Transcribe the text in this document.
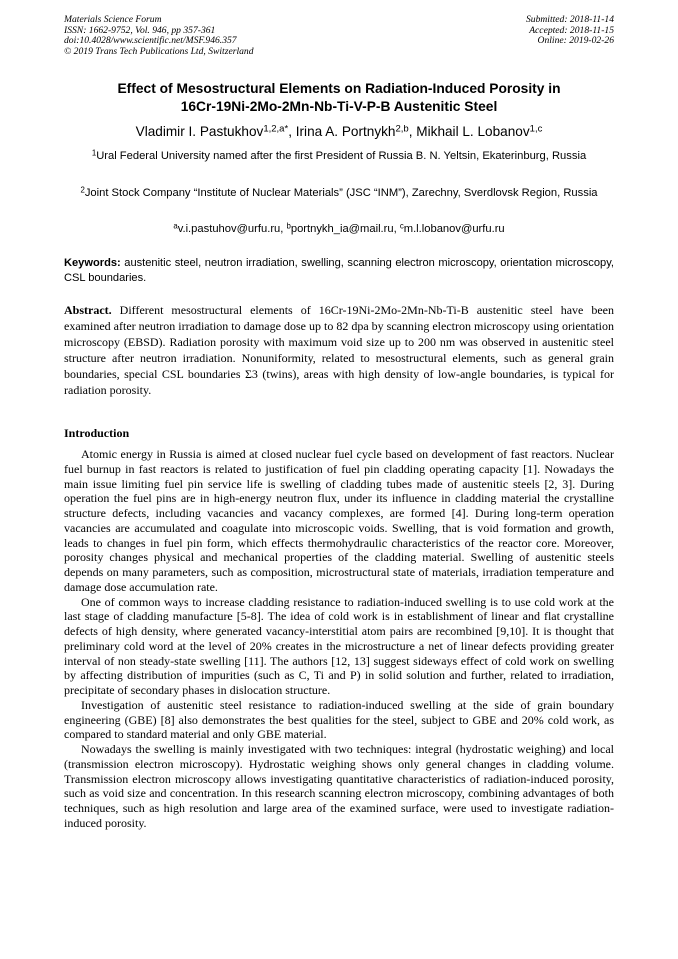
Materials Science Forum
ISSN: 1662-9752, Vol. 946, pp 357-361
doi:10.4028/www.scientific.net/MSF.946.357
© 2019 Trans Tech Publications Ltd, Switzerland
Submitted: 2018-11-14
Accepted: 2018-11-15
Online: 2019-02-26
Effect of Mesostructural Elements on Radiation-Induced Porosity in
16Cr-19Ni-2Mo-2Mn-Nb-Ti-V-P-B Austenitic Steel
Vladimir I. Pastukhov$^{1,2,a*}$, Irina A. Portnykh$^{2,b}$, Mikhail L. Lobanov$^{1,c}$
$^1$Ural Federal University named after the first President of Russia B. N. Yeltsin, Ekaterinburg, Russia
$^2$Joint Stock Company “Institute of Nuclear Materials” (JSC “INM”), Zarechny, Sverdlovsk Region, Russia
$^a$v.i.pastuhov@urfu.ru, $^b$portnykh_ia@mail.ru, $^c$m.l.lobanov@urfu.ru
Keywords: austenitic steel, neutron irradiation, swelling, scanning electron microscopy, orientation microscopy, CSL boundaries.
Abstract. Different mesostructural elements of 16Cr-19Ni-2Mo-2Mn-Nb-Ti-B austenitic steel have been examined after neutron irradiation to damage dose up to 82 dpa by scanning electron microscopy using orientation microscopy (EBSD). Radiation porosity with maximum void size up to 200 nm was observed in austenitic steel structure after neutron irradiation. Nonuniformity, related to mesostructural elements, such as general grain boundaries, special CSL boundaries Σ3 (twins), areas with high density of low-angle boundaries, is typical for radiation porosity.
Introduction

Atomic energy in Russia is aimed at closed nuclear fuel cycle based on development of fast reactors. Nuclear fuel burnup in fast reactors is related to justification of fuel pin cladding operating capacity [1]. Nowadays the main issue limiting fuel pin service life is swelling of cladding tubes made of austenitic steels [2, 3]. During operation the fuel pins are in high-energy neutron flux, under its influence in cladding material the crystalline structure defects, including vacancies and vacancy complexes, are formed [4]. During long-term operation vacancies are accumulated and coagulate into microscopic voids. Swelling, that is void formation and growth, leads to changes in fuel pin form, which effects thermohydraulic characteristics of the reactor core. Moreover, porosity changes physical and mechanical properties of the cladding material. Swelling of austenitic steels depends on many parameters, such as composition, microstructural state of materials, irradiation temperature and damage dose accumulation rate.

One of common ways to increase cladding resistance to radiation-induced swelling is to use cold work at the last stage of cladding manufacture [5-8]. The idea of cold work is in establishment of linear and flat crystalline defects of high density, where generated vacancy-interstitial atom pairs are recombined [9,10]. It is thought that preliminary cold word at the level of 20% creates in the microstructure a net of linear defects providing greater interval of non steady-state swelling [11]. The authors [12, 13] suggest sideways effect of cold work on swelling by affecting distribution of impurities (such as C, Ti and P) in solid solution and further, related to irradiation, precipitate of secondary phases in dislocation structure.

Investigation of austenitic steel resistance to radiation-induced swelling at the side of grain boundary engineering (GBE) [8] also demonstrates the best qualities for the steel, subject to GBE and 20% cold work, as compared to standard material and only GBE material.

Nowadays the swelling is mainly investigated with two techniques: integral (hydrostatic weighing) and local (transmission electron microscopy). Hydrostatic weighing shows only general changes in cladding volume. Transmission electron microscopy allows investigating quantitative characteristics of radiation-induced porosity, such as void size and concentration. In this research scanning electron microscopy, combining advantages of both techniques, such as high resolution and large area of the examined surface, were used to investigate radiation-induced porosity.
